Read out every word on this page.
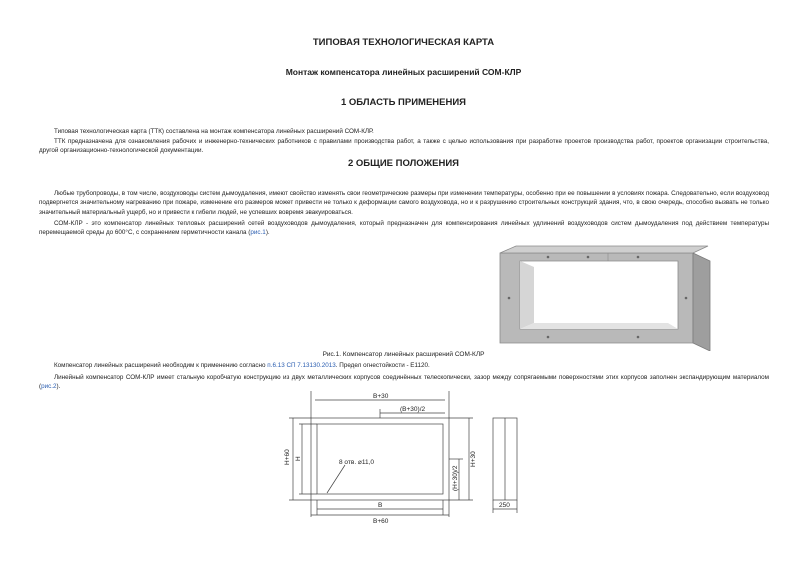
ТИПОВАЯ ТЕХНОЛОГИЧЕСКАЯ КАРТА
Монтаж компенсатора линейных расширений СОМ-КЛР
1 ОБЛАСТЬ ПРИМЕНЕНИЯ

Типовая технологическая карта (ТТК) составлена на монтаж компенсатора линейных расширений СОМ-КЛР.

ТТК предназначена для ознакомления рабочих и инженерно-технических работников с правилами производства работ, а также с целью использования при разработке проектов производства работ, проектов организации строительства, другой организационно-технологической документации.

2 ОБЩИЕ ПОЛОЖЕНИЯ

Любые трубопроводы, в том числе, воздуховоды систем дымоудаления, имеют свойство изменять свои геометрические размеры при изменении температуры, особенно при ее повышении в условиях пожара. Следовательно, если воздуховод подвергнется значительному нагреванию при пожаре, изменение его размеров может привести не только к деформации самого воздуховода, но и к разрушению строительных конструкций здания, что, в свою очередь, способно вызвать не только значительный материальный ущерб, но и привести к гибели людей, не успевших вовремя эвакуироваться.

СОМ-КЛР - это компенсатор линейных тепловых расширений сетей воздуховодов дымоудаления, который предназначен для компенсирования линейных удлинений воздуховодов систем дымоудаления под действием температуры перемещаемой среды до 600°С, с сохранением герметичности канала (рис.1).

Рис.1. Компенсатор линейных расширений СОМ-КЛР

Компенсатор линейных расширений необходим к применению согласно п.6.13 СП 7.13130.2013. Предел огнестойкости - Е1120.

Линейный компенсатор СОМ-КЛР имеет стальную коробчатую конструкцию из двух металлических корпусов соединённых телескопически, зазор между сопрягаемыми поверхностями этих корпусов заполнен экспандирующим материалом (рис.2).

B+30
(B+30)/2
H+60 H
8 отв. ⌀11,0
(H+30)/2
H+30
B
B+60
250
